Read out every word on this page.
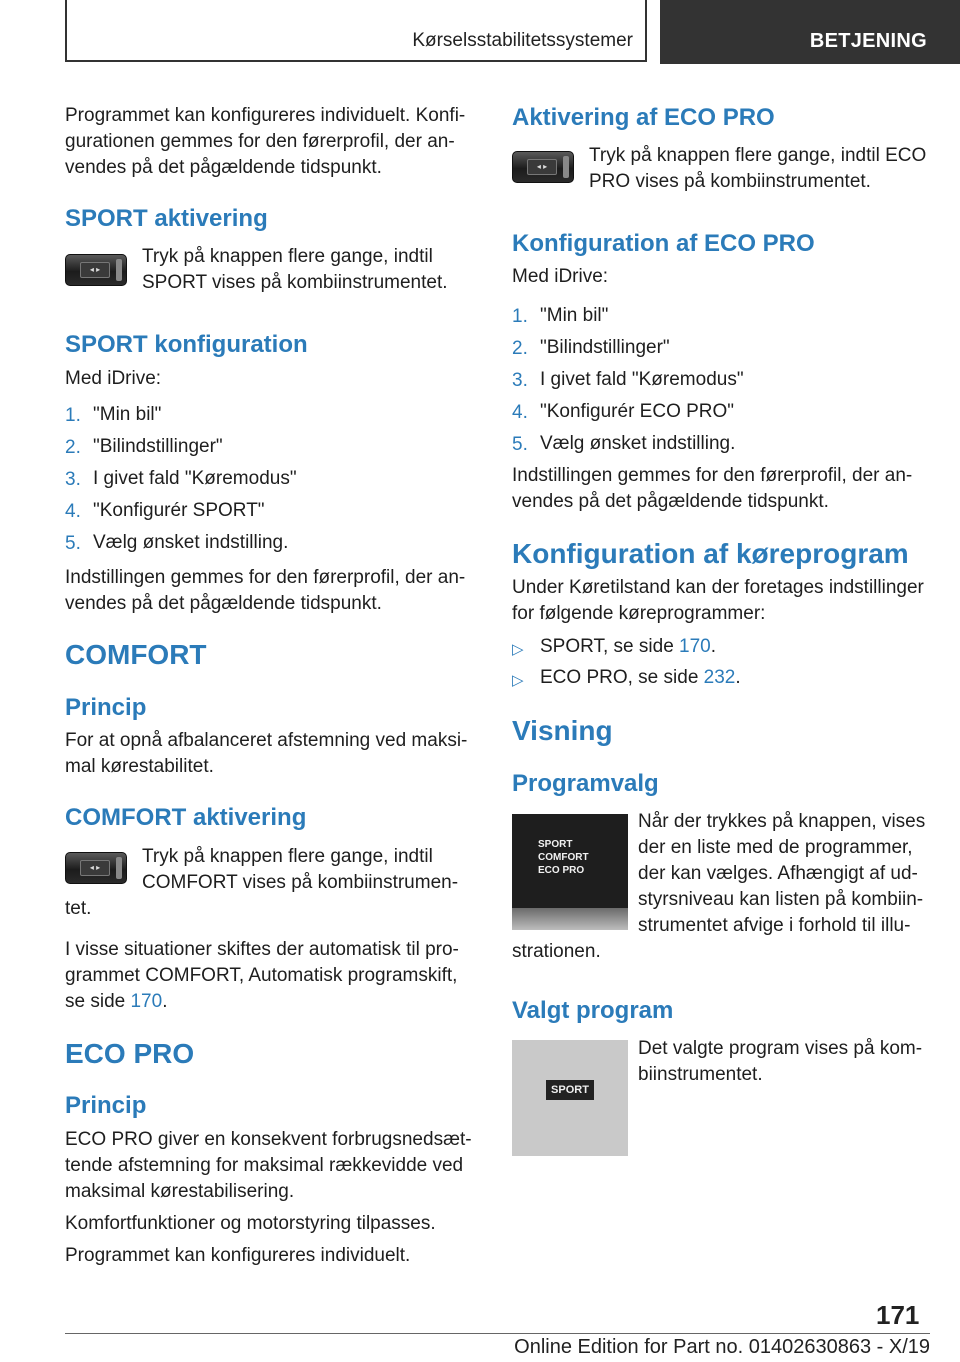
Kørselsstabilitetssystemer	BETJENING
Programmet kan konfigureres individuelt. Konfi‐
gurationen gemmes for den førerprofil, der an‐
vendes på det pågældende tidspunkt.
SPORT aktivering
◂ ▸
Tryk på knappen flere gange, indtil
SPORT vises på kombiinstrumentet.
SPORT konfiguration
Med iDrive:
1. "Min bil"
2. "Bilindstillinger"
3. I givet fald "Køremodus"
4. "Konfigurér SPORT"
5. Vælg ønsket indstilling.
Indstillingen gemmes for den førerprofil, der an‐
vendes på det pågældende tidspunkt.
COMFORT
Princip
For at opnå afbalanceret afstemning ved maksi‐
mal kørestabilitet.
COMFORT aktivering
◂ ▸
Tryk på knappen flere gange, indtil
COMFORT vises på kombiinstrumen‐
tet.
I visse situationer skiftes der automatisk til pro‐
grammet COMFORT, Automatisk programskift,
se side 170.
ECO PRO
Princip
ECO PRO giver en konsekvent forbrugsnedsæt‐
tende afstemning for maksimal rækkevidde ved
maksimal kørestabilisering.
Komfortfunktioner og motorstyring tilpasses.
Programmet kan konfigureres individuelt.
Aktivering af ECO PRO
◂ ▸
Tryk på knappen flere gange, indtil ECO
PRO vises på kombiinstrumentet.
Konfiguration af ECO PRO
Med iDrive:
1. "Min bil"
2. "Bilindstillinger"
3. I givet fald "Køremodus"
4. "Konfigurér ECO PRO"
5. Vælg ønsket indstilling.
Indstillingen gemmes for den førerprofil, der an‐
vendes på det pågældende tidspunkt.
Konfiguration af køreprogram
Under Køretilstand kan der foretages indstillinger
for følgende køreprogrammer:
▷ SPORT, se side 170.
▷ ECO PRO, se side 232.
Visning
Programvalg
Når der trykkes på knappen, vises
der en liste med de programmer,
der kan vælges. Afhængigt af ud‐
styrsniveau kan listen på kombiin‐
strumentet afvige i forhold til illu‐
strationen.
Valgt program
Det valgte program vises på kom‐
biinstrumentet.
SPORT
COMFORT
ECO PRO
SPORT
171
Online Edition for Part no. 01402630863 - X/19
